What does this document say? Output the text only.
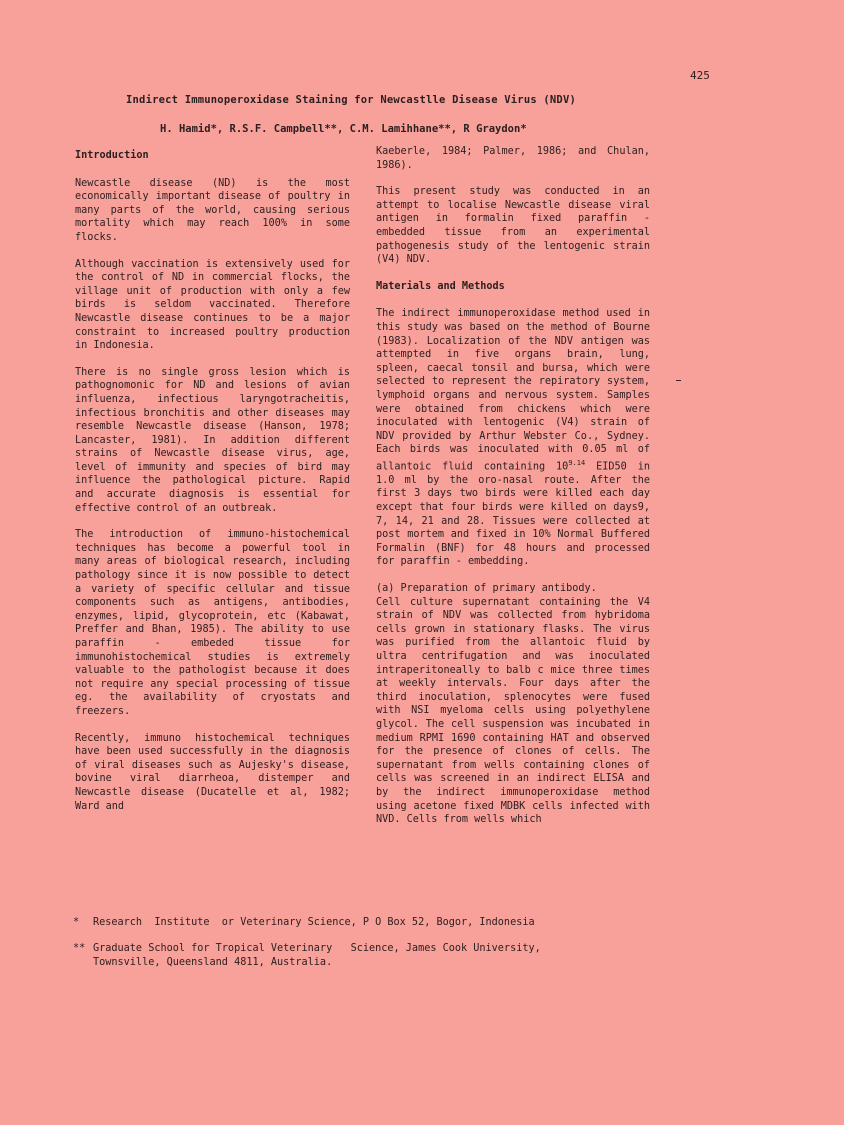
425
Indirect Immunoperoxidase Staining for Newcastlle Disease Virus (NDV)
H. Hamid*, R.S.F. Campbell**, C.M. Lamihhane**, R Graydon*
Introduction

Newcastle disease (ND) is the most economically important disease of poultry in many parts of the world, causing serious mortality which may reach 100% in some flocks.

Although vaccination is extensively used for the control of ND in commercial flocks, the village unit of production with only a few birds is seldom vaccinated. Therefore Newcastle disease continues to be a major constraint to increased poultry production in Indonesia.

There is no single gross lesion which is pathognomonic for ND and lesions of avian influenza, infectious laryngotracheitis, infectious bronchitis and other diseases may resemble Newcastle disease (Hanson, 1978; Lancaster, 1981). In addition different strains of Newcastle disease virus, age, level of immunity and species of bird may influence the pathological picture. Rapid and accurate diagnosis is essential for effective control of an outbreak.

The introduction of immuno-histochemical techniques has become a powerful tool in many areas of biological research, including pathology since it is now possible to detect a variety of specific cellular and tissue components such as antigens, antibodies, enzymes, lipid, glycoprotein, etc (Kabawat, Preffer and Bhan, 1985). The ability to use paraffin - embeded tissue for immunohistochemical studies is extremely valuable to the pathologist because it does not require any special processing of tissue eg. the availability of cryostats and freezers.

Recently, immuno histochemical techniques have been used successfully in the diagnosis of viral diseases such as Aujesky's disease, bovine viral diarrheoa, distemper and Newcastle disease (Ducatelle et al, 1982; Ward and

Kaeberle, 1984; Palmer, 1986; and Chulan, 1986).

This present study was conducted in an attempt to localise Newcastle disease viral antigen in formalin fixed paraffin - embedded tissue from an experimental pathogenesis study of the lentogenic strain (V4) NDV.

Materials and Methods

The indirect immunoperoxidase method used in this study was based on the method of Bourne (1983). Localization of the NDV antigen was attempted in five organs brain, lung, spleen, caecal tonsil and bursa, which were selected to represent the repiratory system, lymphoid organs and nervous system. Samples were obtained from chickens which were inoculated with lentogenic (V4) strain of NDV provided by Arthur Webster Co., Sydney. Each birds was inoculated with 0.05 ml of allantoic fluid containing $10^{9.14}$ EID50 in 1.0 ml by the oro-nasal route. After the first 3 days two birds were killed each day except that four birds were killed on days9, 7, 14, 21 and 28. Tissues were collected at post mortem and fixed in 10% Normal Buffered Formalin (BNF) for 48 hours and processed for paraffin - embedding.

(a) Preparation of primary antibody.

Cell culture supernatant containing the V4 strain of NDV was collected from hybridoma cells grown in stationary flasks. The virus was purified from the allantoic fluid by ultra centrifugation and was inoculated intraperitoneally to balb c mice three times at weekly intervals. Four days after the third inoculation, splenocytes were fused with NSI myeloma cells using polyethylene glycol. The cell suspension was incubated in medium RPMI 1690 containing HAT and observed for the presence of clones of cells. The supernatant from wells containing clones of cells was screened in an indirect ELISA and by the indirect immunoperoxidase method using acetone fixed MDBK cells infected with NVD. Cells from wells which

*	Research  Institute  or Veterinary Science, P O Box 52, Bogor, Indonesia
** Graduate School for Tropical Veterinary   Science, James Cook University,
Townsville, Queensland 4811, Australia.
